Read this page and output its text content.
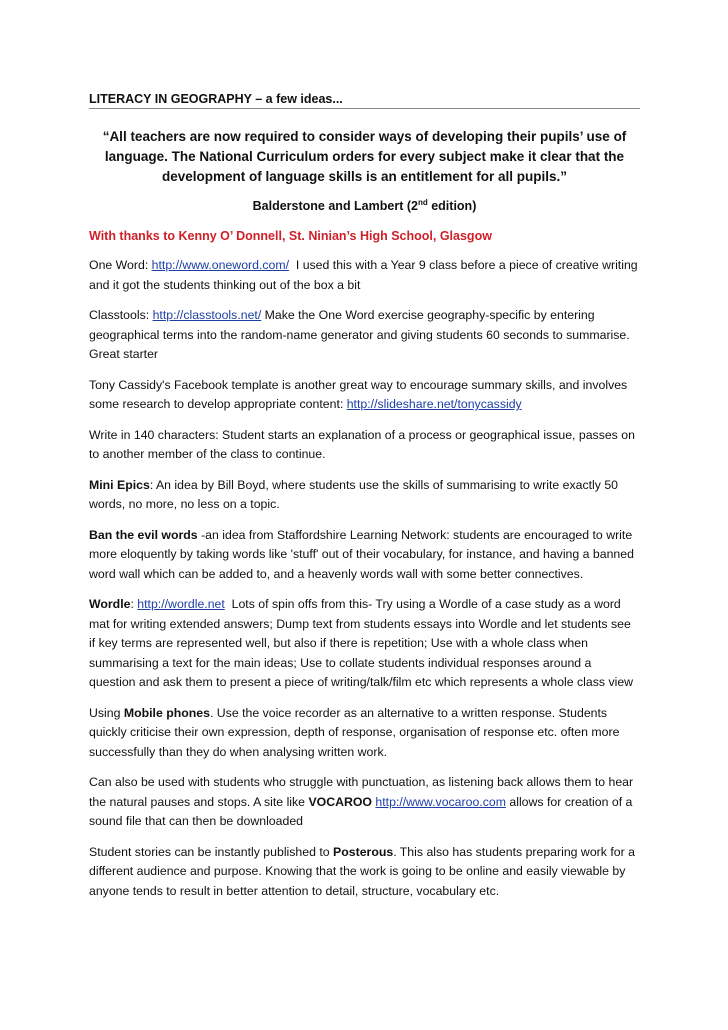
LITERACY IN GEOGRAPHY – a few ideas...
“All teachers are now required to consider ways of developing their pupils’ use of language. The National Curriculum orders for every subject make it clear that the development of language skills is an entitlement for all pupils.”
Balderstone and Lambert (2nd edition)
With thanks to Kenny O’ Donnell, St. Ninian’s High School, Glasgow
One Word: http://www.oneword.com/  I used this with a Year 9 class before a piece of creative writing and it got the students thinking out of the box a bit
Classtools: http://classtools.net/ Make the One Word exercise geography-specific by entering geographical terms into the random-name generator and giving students 60 seconds to summarise. Great starter
Tony Cassidy's Facebook template is another great way to encourage summary skills, and involves some research to develop appropriate content: http://slideshare.net/tonycassidy
Write in 140 characters: Student starts an explanation of a process or geographical issue, passes on to another member of the class to continue.
Mini Epics: An idea by Bill Boyd, where students use the skills of summarising to write exactly 50 words, no more, no less on a topic.
Ban the evil words -an idea from Staffordshire Learning Network: students are encouraged to write more eloquently by taking words like 'stuff' out of their vocabulary, for instance, and having a banned word wall which can be added to, and a heavenly words wall with some better connectives.
Wordle: http://wordle.net  Lots of spin offs from this- Try using a Wordle of a case study as a word mat for writing extended answers; Dump text from students essays into Wordle and let students see if key terms are represented well, but also if there is repetition; Use with a whole class when summarising a text for the main ideas; Use to collate students individual responses around a question and ask them to present a piece of writing/talk/film etc which represents a whole class view
Using Mobile phones. Use the voice recorder as an alternative to a written response. Students quickly criticise their own expression, depth of response, organisation of response etc. often more successfully than they do when analysing written work.
Can also be used with students who struggle with punctuation, as listening back allows them to hear the natural pauses and stops. A site like VOCAROO http://www.vocaroo.com allows for creation of a sound file that can then be downloaded
Student stories can be instantly published to Posterous. This also has students preparing work for a different audience and purpose. Knowing that the work is going to be online and easily viewable by anyone tends to result in better attention to detail, structure, vocabulary etc.
